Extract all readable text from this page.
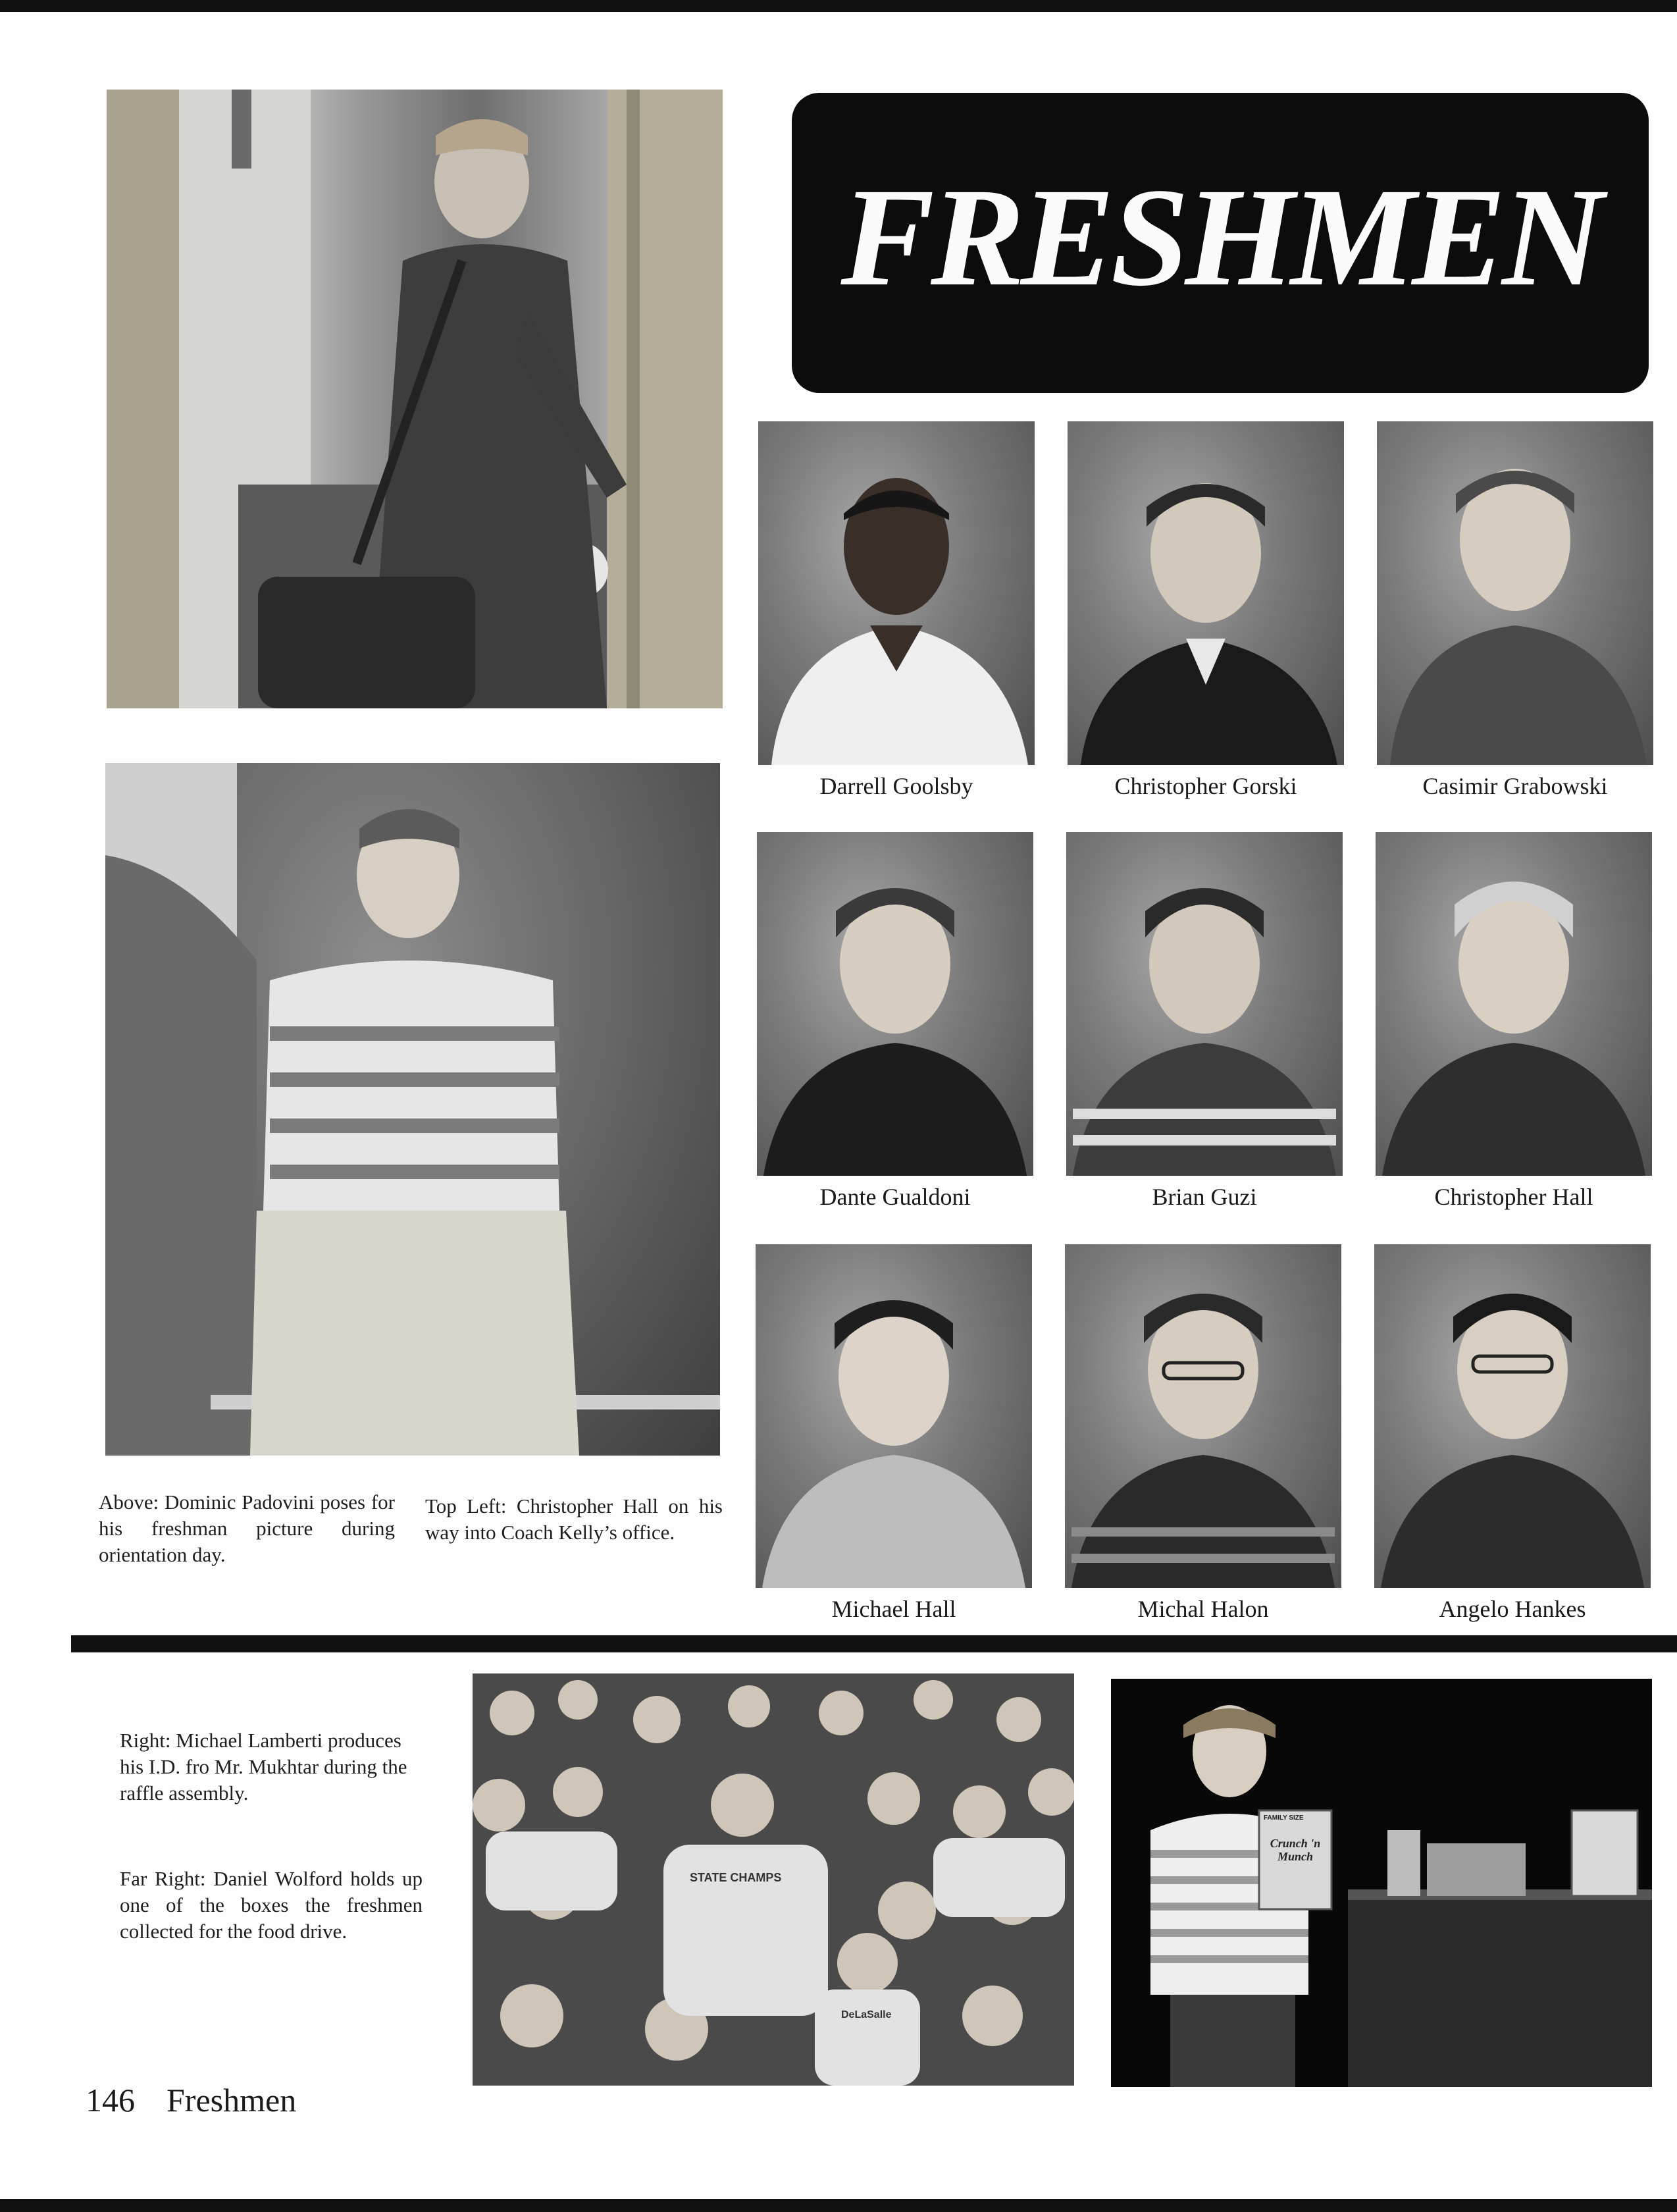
FRESHMEN
Above: Dominic Padovini poses for his freshman picture during orientation day.
Top Left: Christopher Hall on his way into Coach Kelly’s office.
Darrell Goolsby	Christopher Gorski	Casimir Grabowski
Dante Gualdoni	Brian Guzi	Christopher Hall
Michael Hall	Michal Halon	Angelo Hankes
Right: Michael Lamberti produces his I.D. fro Mr. Mukhtar during the raffle assembly.
Far Right: Daniel Wolford holds up one of the boxes the freshmen collected for the food drive.
STATE CHAMPS
DeLaSalle
FAMILY SIZE
Crunch 'n Munch
146 Freshmen
